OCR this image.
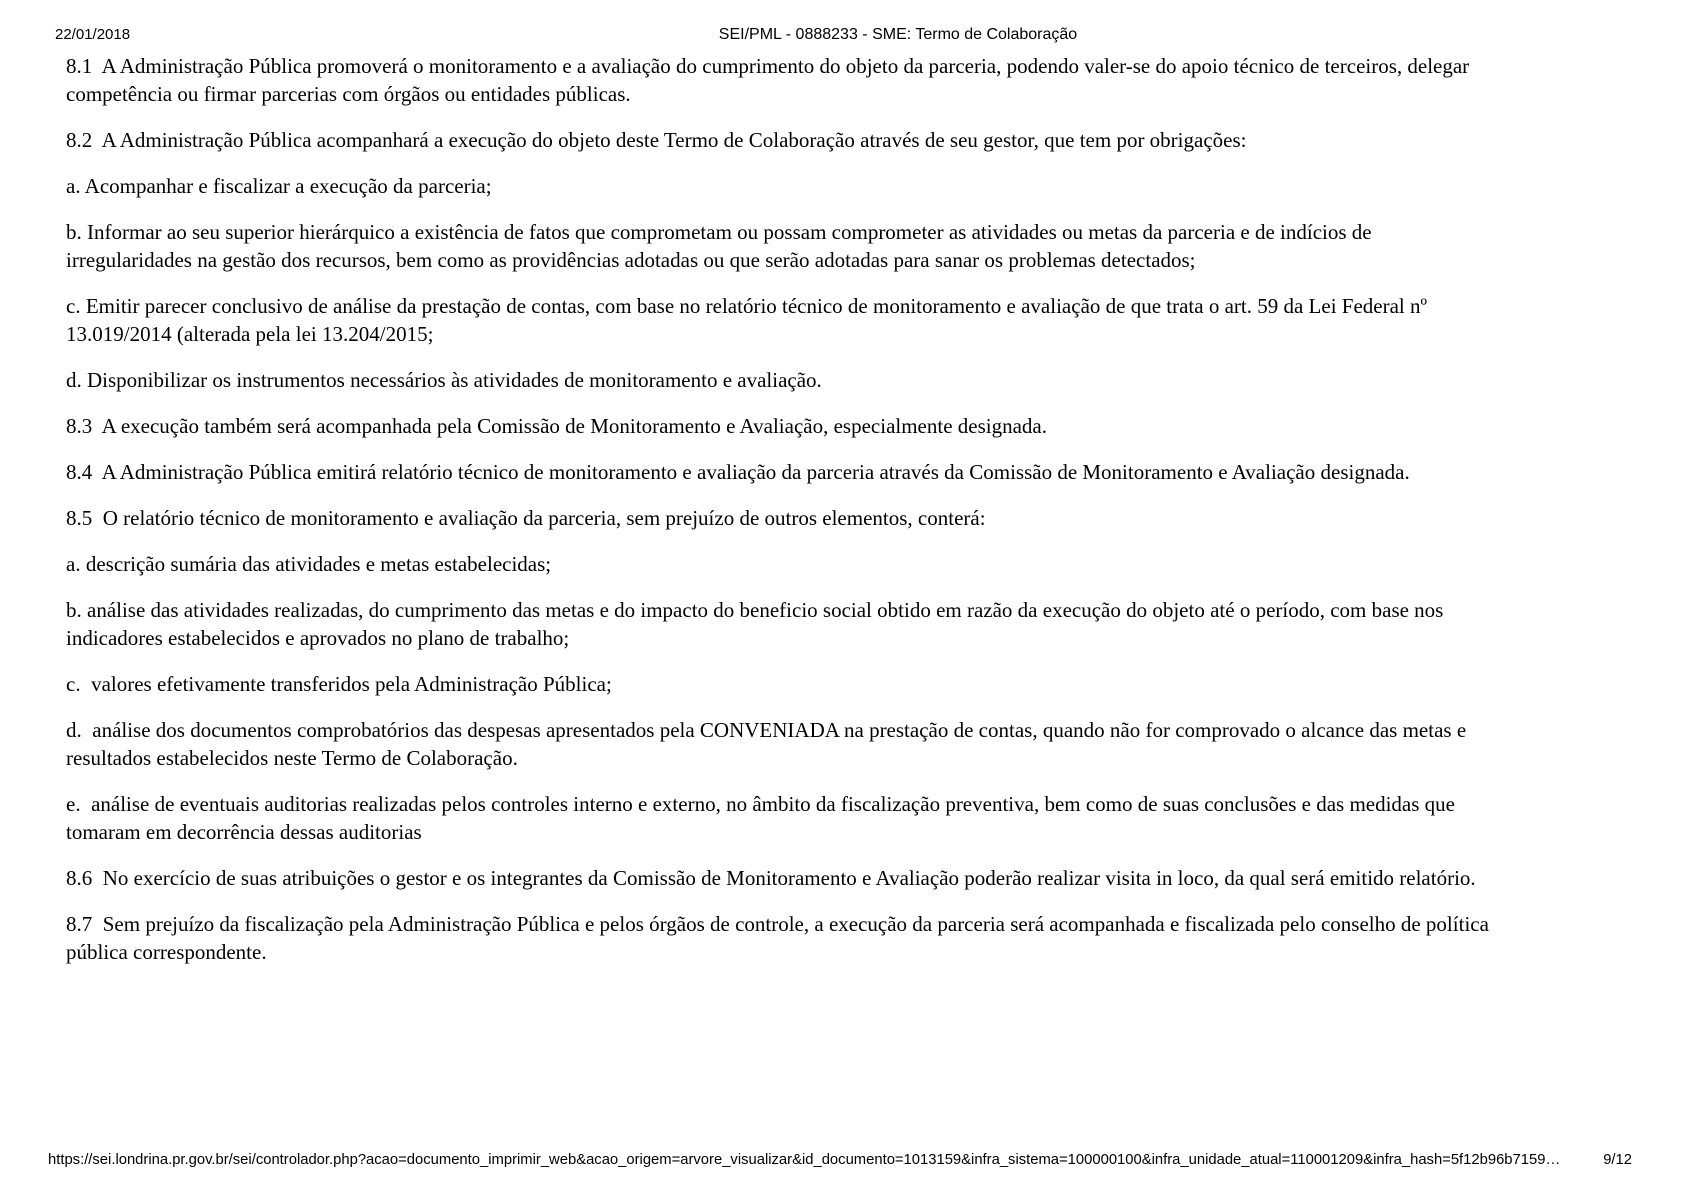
22/01/2018	SEI/PML - 0888233 - SME: Termo de Colaboração

8.1  A Administração Pública promoverá o monitoramento e a avaliação do cumprimento do objeto da parceria, podendo valer-se do apoio técnico de terceiros, delegar competência ou firmar parcerias com órgãos ou entidades públicas.

8.2  A Administração Pública acompanhará a execução do objeto deste Termo de Colaboração através de seu gestor, que tem por obrigações:

a. Acompanhar e fiscalizar a execução da parceria;

b. Informar ao seu superior hierárquico a existência de fatos que comprometam ou possam comprometer as atividades ou metas da parceria e de indícios de irregularidades na gestão dos recursos, bem como as providências adotadas ou que serão adotadas para sanar os problemas detectados;

c. Emitir parecer conclusivo de análise da prestação de contas, com base no relatório técnico de monitoramento e avaliação de que trata o art. 59 da Lei Federal nº 13.019/2014 (alterada pela lei 13.204/2015;

d. Disponibilizar os instrumentos necessários às atividades de monitoramento e avaliação.

8.3  A execução também será acompanhada pela Comissão de Monitoramento e Avaliação, especialmente designada.

8.4  A Administração Pública emitirá relatório técnico de monitoramento e avaliação da parceria através da Comissão de Monitoramento e Avaliação designada.

8.5  O relatório técnico de monitoramento e avaliação da parceria, sem prejuízo de outros elementos, conterá:

a. descrição sumária das atividades e metas estabelecidas;

b. análise das atividades realizadas, do cumprimento das metas e do impacto do beneficio social obtido em razão da execução do objeto até o período, com base nos indicadores estabelecidos e aprovados no plano de trabalho;

c.  valores efetivamente transferidos pela Administração Pública;

d.  análise dos documentos comprobatórios das despesas apresentados pela CONVENIADA na prestação de contas, quando não for comprovado o alcance das metas e resultados estabelecidos neste Termo de Colaboração.

e.  análise de eventuais auditorias realizadas pelos controles interno e externo, no âmbito da fiscalização preventiva, bem como de suas conclusões e das medidas que tomaram em decorrência dessas auditorias

8.6  No exercício de suas atribuições o gestor e os integrantes da Comissão de Monitoramento e Avaliação poderão realizar visita in loco, da qual será emitido relatório.

8.7  Sem prejuízo da fiscalização pela Administração Pública e pelos órgãos de controle, a execução da parceria será acompanhada e fiscalizada pelo conselho de política pública correspondente.

https://sei.londrina.pr.gov.br/sei/controlador.php?acao=documento_imprimir_web&acao_origem=arvore_visualizar&id_documento=1013159&infra_sistema=100000100&infra_unidade_atual=110001209&infra_hash=5f12b96b7159…	9/12
